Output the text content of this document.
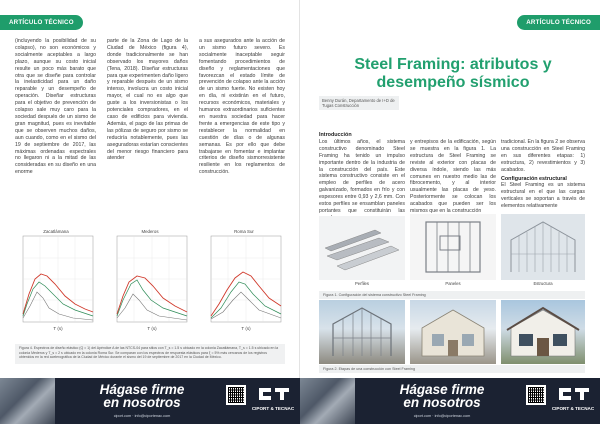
ARTÍCULO TÉCNICO
(incluyendo la posibilidad de su colapso), no son económicos y socialmente aceptables a largo plazo, aunque su costo inicial resulte un poco más barato que otra que se diseñe para controlar la inelasticidad para un daño reparable y un desempeño de operación. Diseñar estructuras para el objetivo de prevención de colapso sale muy caro para la sociedad después de un sismo de gran magnitud, pues es inevitable que se observen muchos daños, aun cuando, como en el sismo del 19 de septiembre de 2017, las máximas ordenadas espectrales no llegaron ni a la mitad de las consideradas en su diseño en una enorme
parte de la Zona de Lago de la Ciudad de México (figura 4), donde tradicionalmente se han observado los mayores daños (Tena, 2018). Diseñar estructuras para que experimenten daño ligero y reparable después de un sismo intenso, involucra un costo inicial mayor, el cual no es algo que guste a los inversionistas o los potenciales compradores, en el caso de edificios para vivienda. Además, el pago de las primas de las pólizas de seguro por sismo se reduciría notablemente, pues las aseguradoras estarían conscientes del menor riesgo financiero para atender
a sus asegurados ante la acción de un sismo futuro severo. Es socialmente inaceptable seguir fomentando procedimientos de diseño y reglamentaciones que favorezcan el estado límite de prevención de colapso ante la acción de un sismo fuerte. No existen hoy en día, ni existirán en el futuro, recursos económicos, materiales y humanos extraordinarios suficientes en nuestra sociedad para hacer frente a emergencias de este tipo y restablecer la normalidad en cuestión de días o de algunas semanas. Es por ello que debe trabajarse en fomentar e implantar criterios de diseño sismorresistente resiliente en los reglamentos de construcción.
Zacatlámana
T (s)
Mederos
T (s)
Roma Sur
T (s)
Figura 4. Espectros de diseño elástico (Q = 1) del Apéndice A de las NTCS-04 para sitios con T_s = 1.5 s ubicado en la colonia Zacatlámana, T_s = 1.5 s ubicado en la colonia Mederos y T_s = 2 s ubicado en la colonia Roma Sur. Se comparan con los espectros de respuesta elásticos para ξ = 5% más cercanos de los registros obtenidos en la red acelerográfica de la Ciudad de México durante el sismo del 19 de septiembre de 2017 en la Ciudad de México.
Hágase firme
en nosotros
ciport.com · info@ciportenac.com
CIPORT & TECNAC
ARTÍCULO TÉCNICO
Steel Framing: atributos y desempeño sísmico
Benny Durán, Departamento de I+D de Tugas Construcción
Introducción
Los últimos años, el sistema constructivo denominado Steel Framing ha tenido un impulso importante dentro de la industria de la construcción del país. Este sistema constructivo consiste en el empleo de perfiles de acero galvanizado, formados en frío y con espesores entre 0,93 y 2,6 mm. Con estos perfiles se ensamblan paneles portantes que constituirán las
y entrepisos de la edificación, según se muestra en la figura 1. La estructura de Steel Framing se reviste al exterior con placas de diversa índole, siendo las más comunes en nuestro medio las de fibrocemento, y al interior usualmente las placas de yeso. Posteriormente se colocan los acabados que pueden ser los mismos que en la construcción
tradicional. En la figura 2 se observa una construcción en Steel Framing en sus diferentes etapas: 1) estructura, 2) revestimientos y 3) acabados.
Configuración estructural
El Steel Framing es un sistema estructural en el que las cargas verticales se soportan a través de elementos relativamente
Perfiles	Paneles	Estructura
Figura 1. Configuración del sistema constructivo Steel Framing
Figura 2. Etapas de una construcción con Steel Framing
Hágase firme
en nosotros
ciport.com · info@ciportenac.com
CIPORT & TECNAC
